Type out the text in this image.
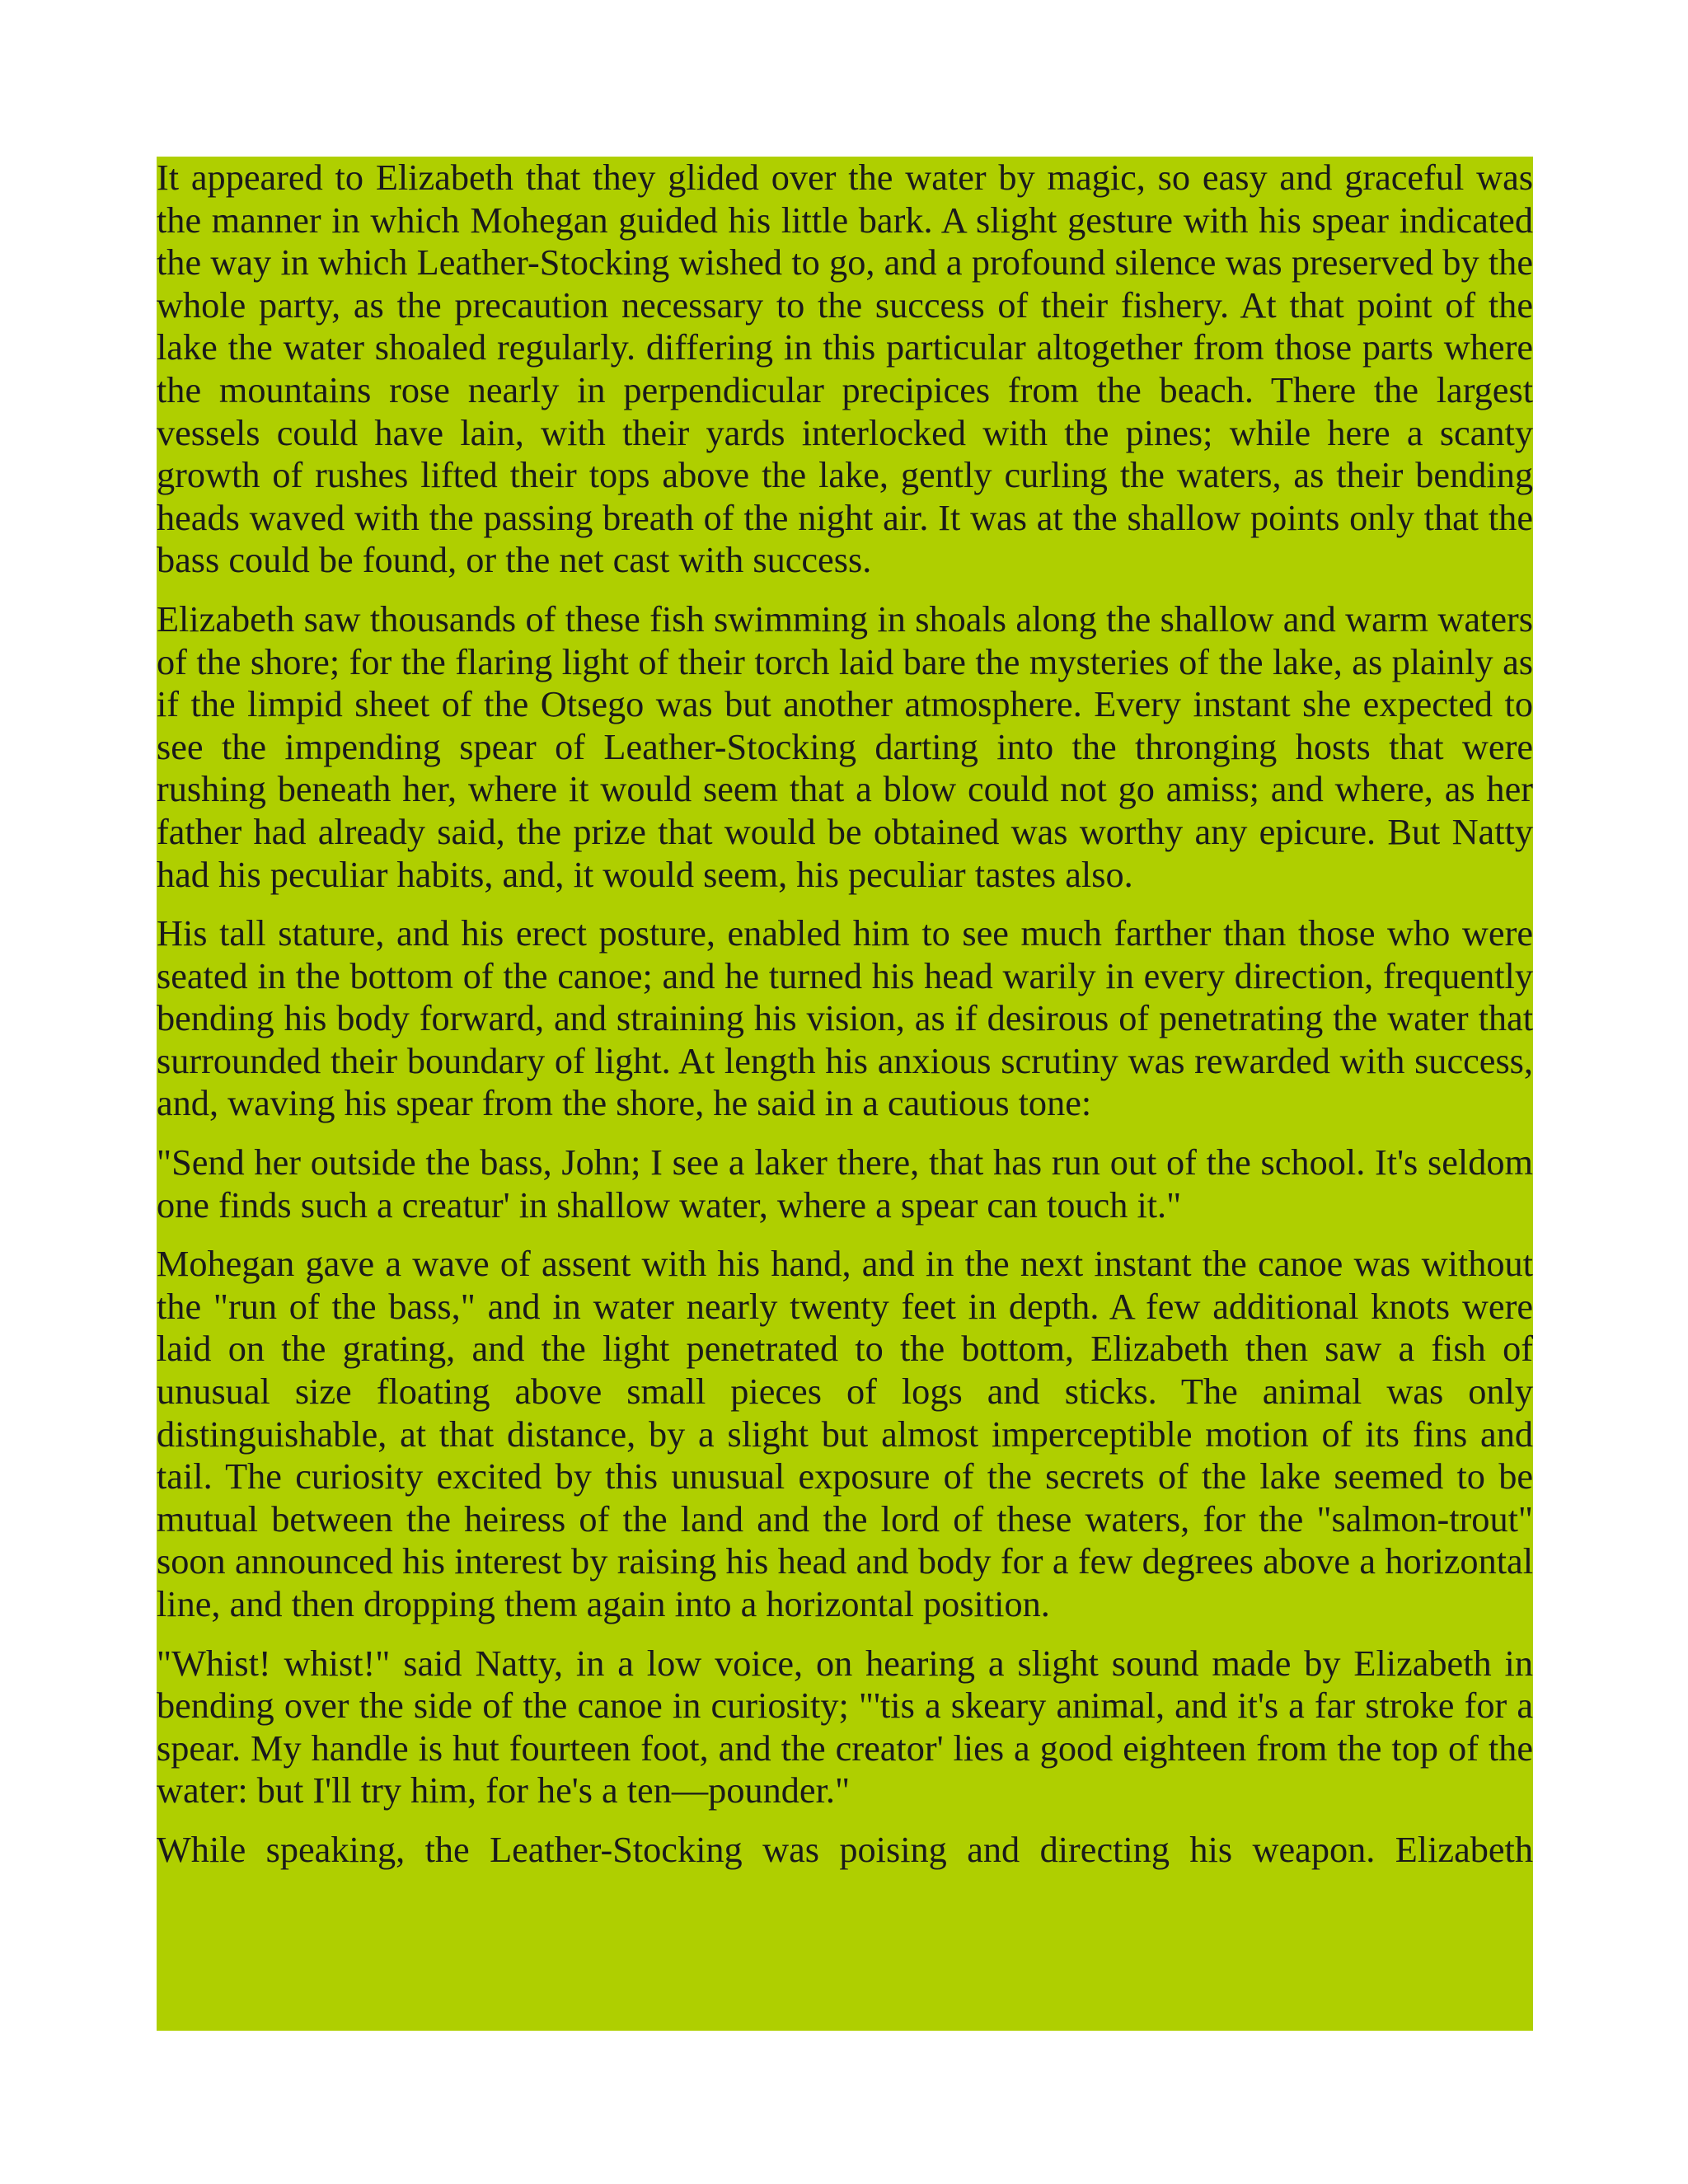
It appeared to Elizabeth that they glided over the water by magic, so easy and graceful was the manner in which Mohegan guided his little bark. A slight gesture with his spear indicated the way in which Leather-Stocking wished to go, and a profound silence was preserved by the whole party, as the precaution necessary to the success of their fishery. At that point of the lake the water shoaled regularly. differing in this particular altogether from those parts where the mountains rose nearly in perpendicular precipices from the beach. There the largest vessels could have lain, with their yards interlocked with the pines; while here a scanty growth of rushes lifted their tops above the lake, gently curling the waters, as their bending heads waved with the passing breath of the night air. It was at the shallow points only that the bass could be found, or the net cast with success.

Elizabeth saw thousands of these fish swimming in shoals along the shallow and warm waters of the shore; for the flaring light of their torch laid bare the mysteries of the lake, as plainly as if the limpid sheet of the Otsego was but another atmosphere. Every instant she expected to see the impending spear of Leather-Stocking darting into the thronging hosts that were rushing beneath her, where it would seem that a blow could not go amiss; and where, as her father had already said, the prize that would be obtained was worthy any epicure. But Natty had his peculiar habits, and, it would seem, his peculiar tastes also.

His tall stature, and his erect posture, enabled him to see much farther than those who were seated in the bottom of the canoe; and he turned his head warily in every direction, frequently bending his body forward, and straining his vision, as if desirous of penetrating the water that surrounded their boundary of light. At length his anxious scrutiny was rewarded with success, and, waving his spear from the shore, he said in a cautious tone:

"Send her outside the bass, John; I see a laker there, that has run out of the school. It's seldom one finds such a creatur' in shallow water, where a spear can touch it."

Mohegan gave a wave of assent with his hand, and in the next instant the canoe was without the "run of the bass," and in water nearly twenty feet in depth. A few additional knots were laid on the grating, and the light penetrated to the bottom, Elizabeth then saw a fish of unusual size floating above small pieces of logs and sticks. The animal was only distinguishable, at that distance, by a slight but almost imperceptible motion of its fins and tail. The curiosity excited by this unusual exposure of the secrets of the lake seemed to be mutual between the heiress of the land and the lord of these waters, for the "salmon-trout" soon announced his interest by raising his head and body for a few degrees above a horizontal line, and then dropping them again into a horizontal position.

"Whist! whist!" said Natty, in a low voice, on hearing a slight sound made by Elizabeth in bending over the side of the canoe in curiosity; "'tis a skeary animal, and it's a far stroke for a spear. My handle is hut fourteen foot, and the creator' lies a good eighteen from the top of the water: but I'll try him, for he's a ten—pounder."

While speaking, the Leather-Stocking was poising and directing his weapon. Elizabeth
